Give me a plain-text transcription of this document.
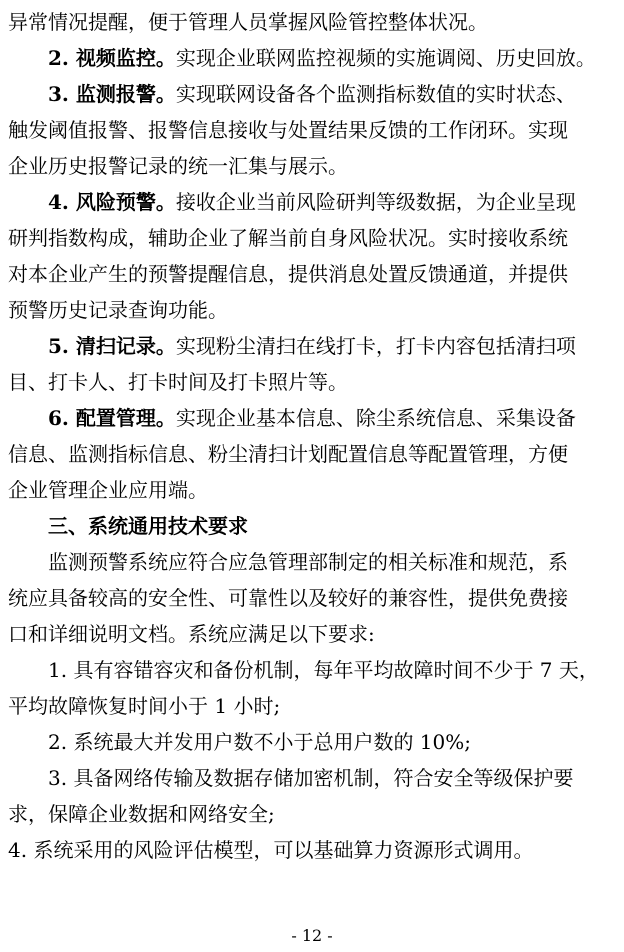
异常情况提醒，便于管理人员掌握风险管控整体状况。
2. 视频监控。实现企业联网监控视频的实施调阅、历史回放。
3. 监测报警。实现联网设备各个监测指标数值的实时状态、
触发阈值报警、报警信息接收与处置结果反馈的工作闭环。实现
企业历史报警记录的统一汇集与展示。
4. 风险预警。接收企业当前风险研判等级数据，为企业呈现
研判指数构成，辅助企业了解当前自身风险状况。实时接收系统
对本企业产生的预警提醒信息，提供消息处置反馈通道，并提供
预警历史记录查询功能。
5. 清扫记录。实现粉尘清扫在线打卡，打卡内容包括清扫项
目、打卡人、打卡时间及打卡照片等。
6. 配置管理。实现企业基本信息、除尘系统信息、采集设备
信息、监测指标信息、粉尘清扫计划配置信息等配置管理，方便
企业管理企业应用端。
三、系统通用技术要求
监测预警系统应符合应急管理部制定的相关标准和规范，系
统应具备较高的安全性、可靠性以及较好的兼容性，提供免费接
口和详细说明文档。系统应满足以下要求:
1. 具有容错容灾和备份机制，每年平均故障时间不少于 7 天，
平均故障恢复时间小于 1 小时;
2. 系统最大并发用户数不小于总用户数的 10%;
3. 具备网络传输及数据存储加密机制，符合安全等级保护要
求，保障企业数据和网络安全;
4. 系统采用的风险评估模型，可以基础算力资源形式调用。
- 12 -
